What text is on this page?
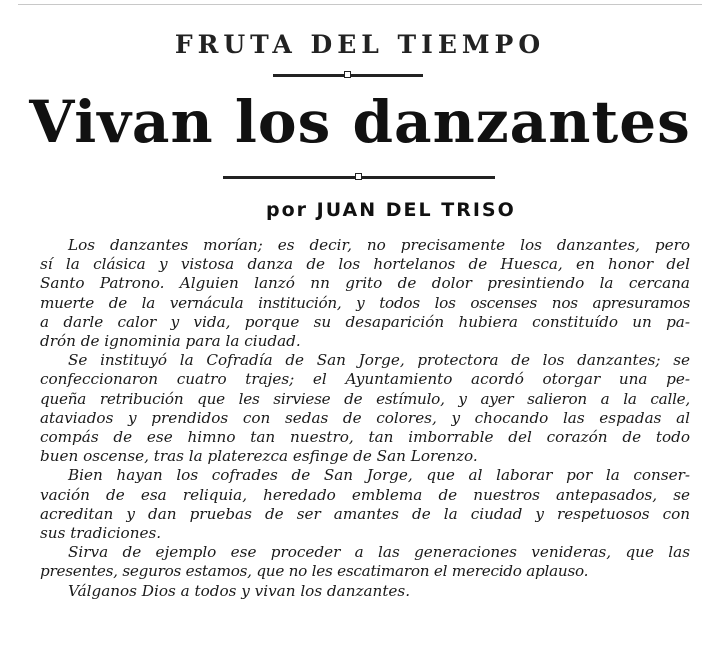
FRUTA DEL TIEMPO
Vivan los danzantes
por JUAN DEL TRISO

Los danzantes morían; es decir, no precisamente los danzantes, pero
sí la clásica y vistosa danza de los hortelanos de Huesca, en honor del
Santo Patrono. Alguien lanzó nn grito de dolor presintiendo la cercana
muerte de la vernácula institución, y todos los oscenses nos apresuramos
a darle calor y vida, porque su desaparición hubiera constituído un pa-
drón de ignominia para la ciudad.

Se instituyó la Cofradía de San Jorge, protectora de los danzantes; se
confeccionaron cuatro trajes; el Ayuntamiento acordó otorgar una pe-
queña retribución que les sirviese de estímulo, y ayer salieron a la calle,
ataviados y prendidos con sedas de colores, y chocando las espadas al
compás de ese himno tan nuestro, tan imborrable del corazón de todo
buen oscense, tras la platerezca esfinge de San Lorenzo.

Bien hayan los cofrades de San Jorge, que al laborar por la conser-
vación de esa reliquia, heredado emblema de nuestros antepasados, se
acreditan y dan pruebas de ser amantes de la ciudad y respetuosos con
sus tradiciones.

Sirva de ejemplo ese proceder a las generaciones venideras, que las
presentes, seguros estamos, que no les escatimaron el merecido aplauso.

Válganos Dios a todos y vivan los danzantes.
